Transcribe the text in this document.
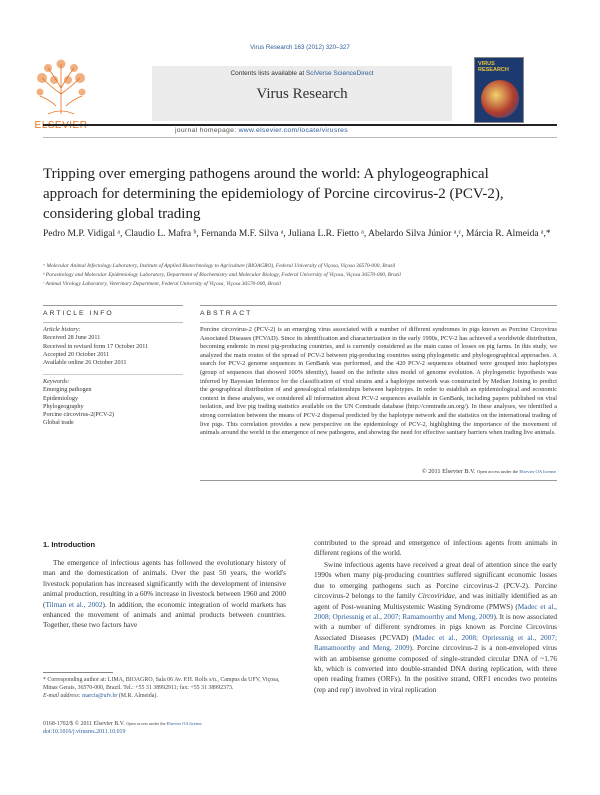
Virus Research 163 (2012) 320–327
ELSEVIER
Contents lists available at SciVerse ScienceDirect
Virus Research
VIRUS RESEARCH
journal homepage: www.elsevier.com/locate/virusres
Tripping over emerging pathogens around the world: A phylogeographical approach for determining the epidemiology of Porcine circovirus-2 (PCV-2), considering global trading
Pedro M.P. Vidigal ᵃ, Claudio L. Mafra ᵇ, Fernanda M.F. Silva ᵃ, Juliana L.R. Fietto ᵃ, Abelardo Silva Júnior ᵃ,ᶜ, Márcia R. Almeida ᵃ,*
ᵃ Molecular Animal Infectology Laboratory, Institute of Applied Biotechnology to Agriculture (BIOAGRO), Federal University of Viçosa, Viçosa 36570-000, Brazil
ᵇ Parasitology and Molecular Epidemiology Laboratory, Department of Biochemistry and Molecular Biology, Federal University of Viçosa, Viçosa 36570-000, Brazil
ᶜ Animal Virology Laboratory, Veterinary Department, Federal University of Viçosa, Viçosa 36570-000, Brazil
ARTICLE INFO	ABSTRACT
Article history:
Received 28 June 2011
Received in revised form 17 October 2011
Accepted 20 October 2011
Available online 26 October 2011
Keywords:
Emerging pathogen
Epidemiology
Phylogeography
Porcine circovirus-2(PCV-2)
Global trade
Porcine circovirus-2 (PCV-2) is an emerging virus associated with a number of different syndromes in pigs known as Porcine Circovirus Associated Diseases (PCVAD). Since its identification and characterization in the early 1990s, PCV-2 has achieved a worldwide distribution, becoming endemic in most pig-producing countries, and is currently considered as the main cause of losses on pig farms. In this study, we analyzed the main routes of the spread of PCV-2 between pig-producing countries using phylogenetic and phylogeographical approaches. A search for PCV-2 genome sequences in GenBank was performed, and the 420 PCV-2 sequences obtained were grouped into haplotypes (group of sequences that showed 100% identity), based on the infinite sites model of genome evolution. A phylogenetic hypothesis was inferred by Bayesian Inference for the classification of viral strains and a haplotype network was constructed by Median Joining to predict the geographical distribution of and genealogical relationships between haplotypes. In order to establish an epidemiological and economic context in these analyses, we considered all information about PCV-2 sequences available in GenBank, including papers published on viral isolation, and live pig trading statistics available on the UN Comtrade database (http://comtrade.un.org/). In these analyses, we identified a strong correlation between the means of PCV-2 dispersal predicted by the haplotype network and the statistics on the international trading of live pigs. This correlation provides a new perspective on the epidemiology of PCV-2, highlighting the importance of the movement of animals around the world in the emergence of new pathogens, and showing the need for effective sanitary barriers when trading live animals.
© 2011 Elsevier B.V. Open access under the Elsevier OA license.
1. Introduction
The emergence of infectious agents has followed the evolutionary history of man and the domestication of animals. Over the past 50 years, the world's livestock population has increased significantly with the development of intensive animal production, resulting in a 60% increase in livestock between 1960 and 2000 (Tilman et al., 2002). In addition, the economic integration of world markets has enhanced the movement of animals and animal products between countries. Together, these two factors have
contributed to the spread and emergence of infectious agents from animals in different regions of the world.
Swine infectious agents have received a great deal of attention since the early 1990s when many pig-producing countries suffered significant economic losses due to emerging pathogens such as Porcine circovirus-2 (PCV-2). Porcine circovirus-2 belongs to the family Circoviridae, and was initially identified as an agent of Post-weaning Multisystemic Wasting Syndrome (PMWS) (Madec et al., 2008; Opriessnig et al., 2007; Ramamoorthy and Meng, 2009). It is now associated with a number of different syndromes in pigs known as Porcine Circovirus Associated Diseases (PCVAD) (Madec et al., 2008; Opriessnig et al., 2007; Ramamoorthy and Meng, 2009). Porcine circovirus-2 is a non-enveloped virus with an ambisense genome composed of single-stranded circular DNA of ~1.76 kb, which is converted into double-stranded DNA during replication, with three open reading frames (ORFs). In the positive strand, ORF1 encodes two proteins (rep and rep′) involved in viral replication
* Corresponding author at: LIMA, BIOAGRO, Sala 06 Av. P.H. Rolfs s/n., Campus da UFV, Viçosa, Minas Gerais, 36570-000, Brazil. Tel.: +55 31 38992911; fax: +55 31 38992373.
E-mail address: marcia@ufv.br (M.R. Almeida).
0168-1702/$ © 2011 Elsevier B.V. Open access under the Elsevier OA license.
doi:10.1016/j.virusres.2011.10.019
